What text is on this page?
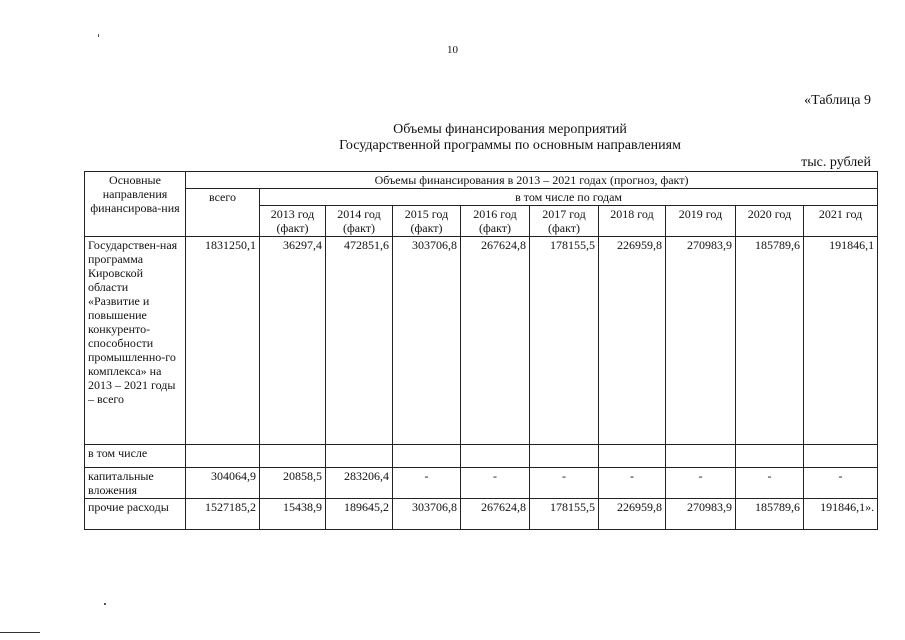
10
«Таблица 9
Объемы финансирования мероприятий
Государственной программы по основным направлениям
тыс. рублей
Основные направления финансирова-ния	Объемы финансирования в 2013 – 2021 годах (прогноз, факт)									
	всего	в том числе по годам								
		2013 год (факт)	2014 год (факт)	2015 год (факт)	2016 год (факт)	2017 год (факт)	2018 год	2019 год	2020 год	2021 год
Государствен-ная программа Кировской области «Развитие и повышение конкуренто-способности промышленно-го комплекса» на 2013 – 2021 годы – всего	1831250,1	36297,4	472851,6	303706,8	267624,8	178155,5	226959,8	270983,9	185789,6	191846,1
в том числе										
капитальные вложения	304064,9	20858,5	283206,4	-	-	-	-	-	-	-
прочие расходы	1527185,2	15438,9	189645,2	303706,8	267624,8	178155,5	226959,8	270983,9	185789,6	191846,1».
